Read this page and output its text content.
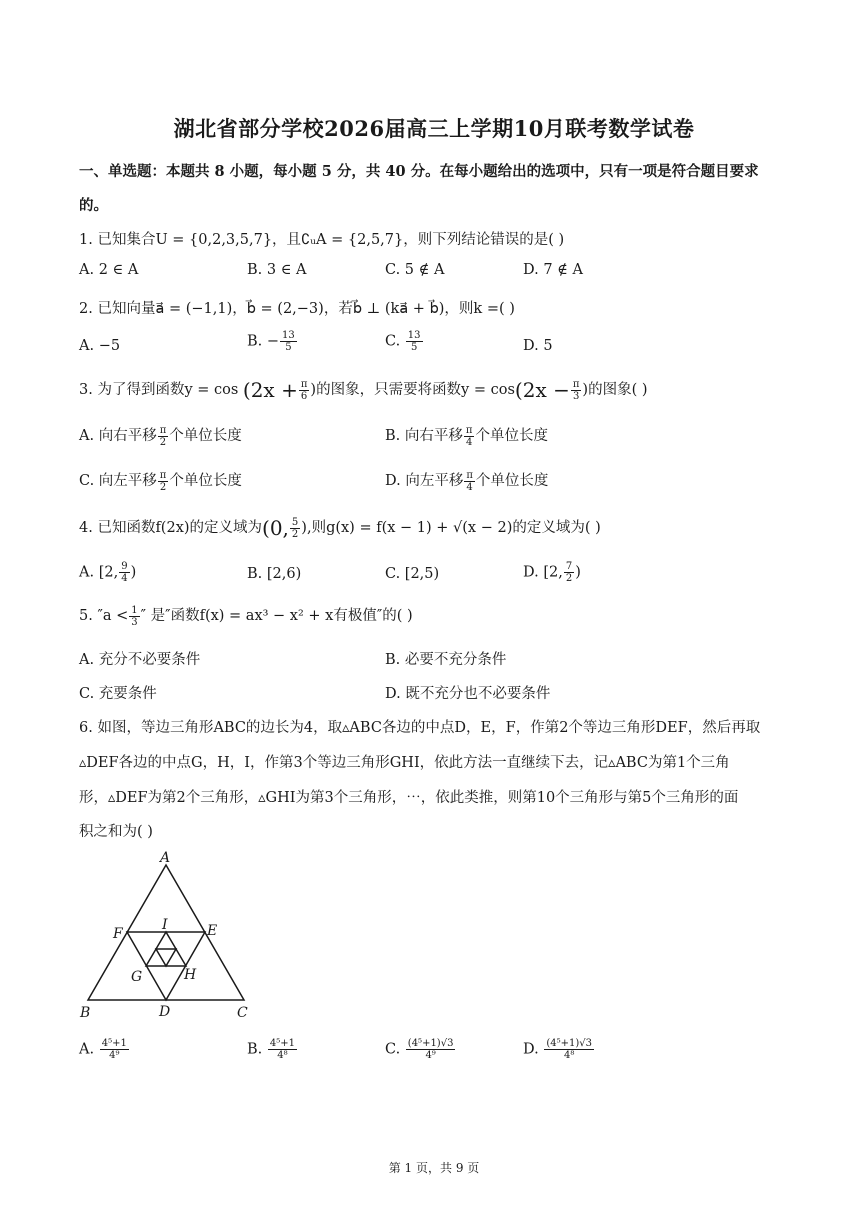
湖北省部分学校2026届高三上学期10月联考数学试卷
一、单选题：本题共 8 小题，每小题 5 分，共 40 分。在每小题给出的选项中，只有一项是符合题目要求
的。
1. 已知集合U = {0,2,3,5,7}，且∁ᵤA = {2,5,7}，则下列结论错误的是( )
A. 2 ∈ A	B. 3 ∈ A	C. 5 ∉ A	D. 7 ∉ A
2. 已知向量a⃗ = (−1,1)，b⃗ = (2,−3)，若b⃗ ⊥ (ka⃗ + b⃗)，则k =( )
A. −5	B. − $\frac{13}{5}$	C. $\frac{13}{5}$	D. 5
3. 为了得到函数$y = \cos (2x + \frac{\pi}{6}$ )的图象，只需要将函数$y = \cos(2x - \frac{\pi}{3}$ )的图象( )
A. 向右平移 $\frac{\pi}{2}$ 个单位长度	B. 向右平移 $\frac{\pi}{4}$ 个单位长度
C. 向左平移 $\frac{\pi}{2}$ 个单位长度	D. 向左平移 $\frac{\pi}{4}$ 个单位长度
4. 已知函数f(2x)的定义域为(0, $\frac{5}{2}$ ),则g(x) = f(x − 1) + √(x − 2)的定义域为( )
A. [2, $\frac{9}{4}$ )	B. [2,6)	C. [2,5)	D. [2, $\frac{7}{2}$ )
5. $''a < \frac{1}{3}$ ″ 是″函数f(x) = ax³ − x² + x有极值″的( )
A. 充分不必要条件	B. 必要不充分条件
C. 充要条件	D. 既不充分也不必要条件
6. 如图，等边三角形ABC的边长为4，取▵ABC各边的中点D，E，F，作第2个等边三角形DEF，然后再取
▵DEF各边的中点G，H，I，作第3个等边三角形GHI，依此方法一直继续下去，记▵ABC为第1个三角
形，▵DEF为第2个三角形，▵GHI为第3个三角形，⋯，依此类推，则第10个三角形与第5个三角形的面
积之和为( )
A
B	C
D
E
F
G	H
I
A. $\frac{\text{4⁵+1}}{\text{4⁹}}$	B. $\frac{\text{4⁵+1}}{\text{4⁸}}$	C. $\frac{\text{(4⁵+1)√3}}{\text{4⁹}}$	D. $\frac{\text{(4⁵+1)√3}}{\text{4⁸}}$
第 1 页，共 9 页
